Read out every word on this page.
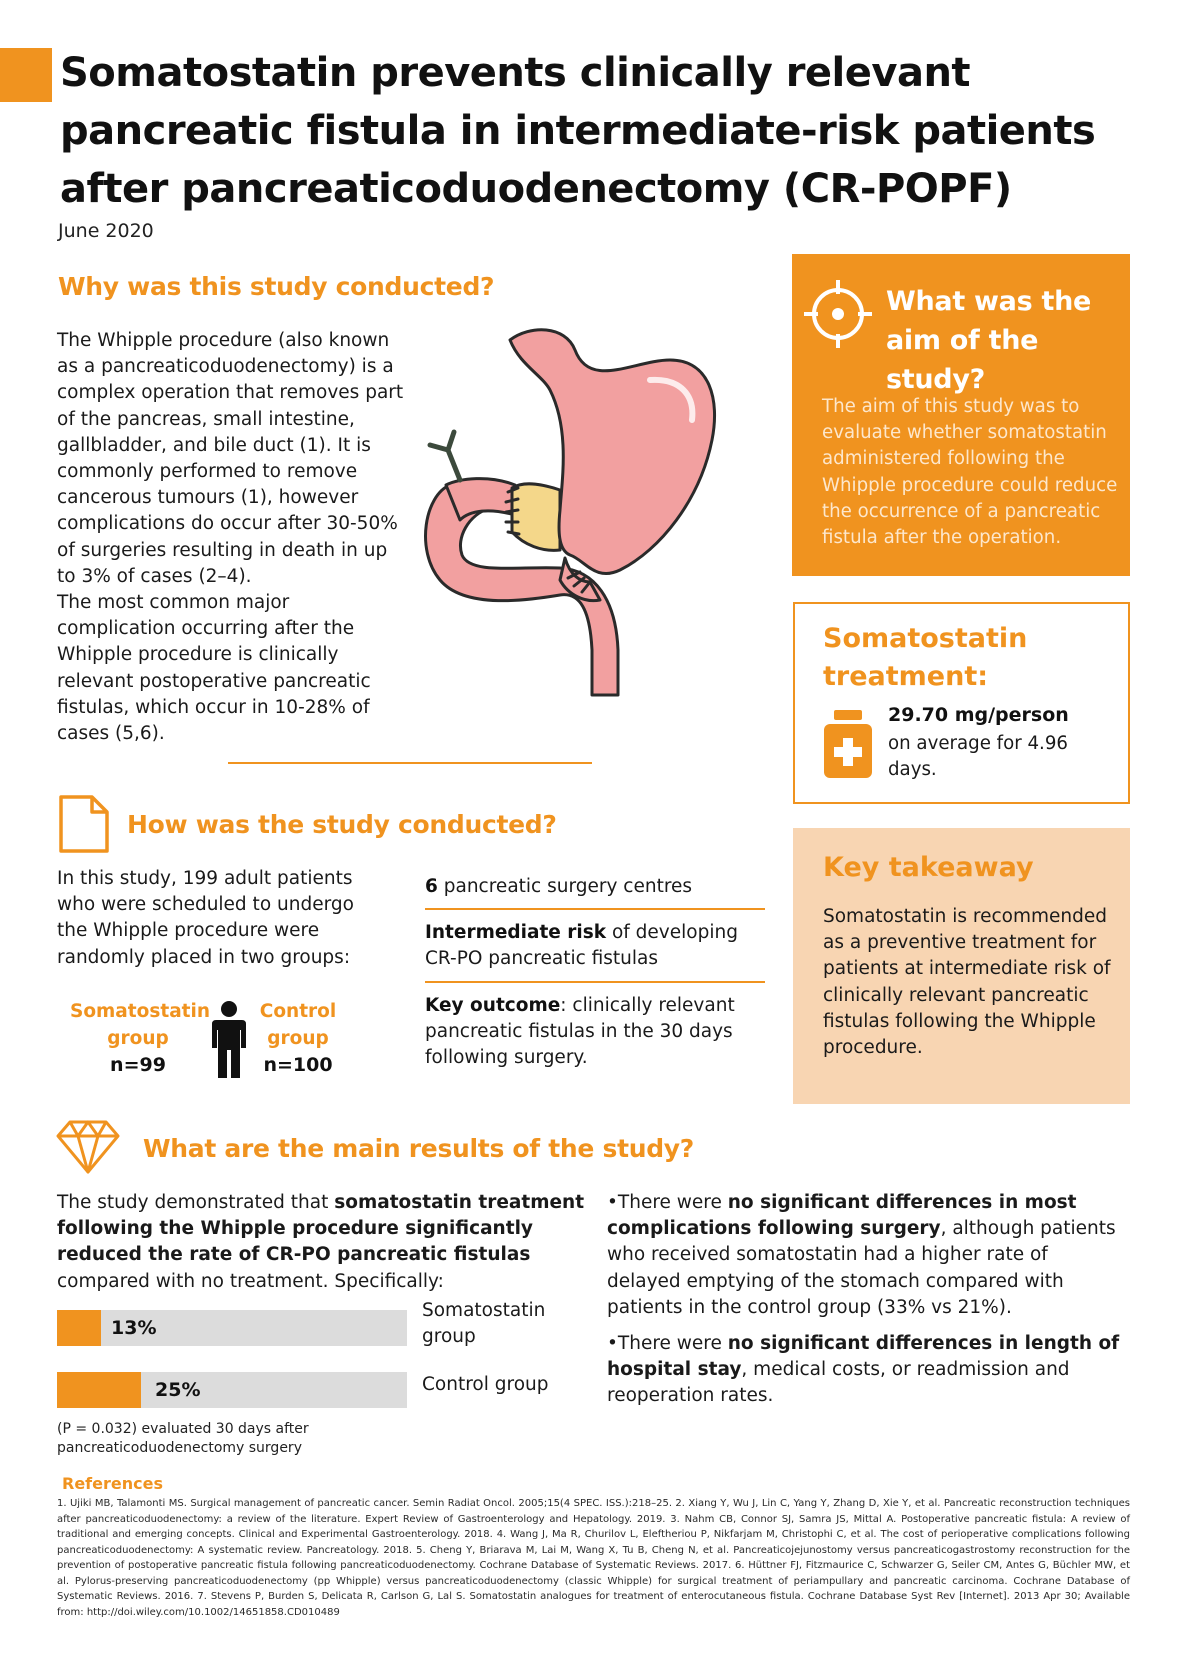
Somatostatin prevents clinically relevant pancreatic fistula in intermediate-risk patients after pancreaticoduodenectomy (CR-POPF)
June 2020
Why was this study conducted?

The Whipple procedure (also known as a pancreaticoduodenectomy) is a complex operation that removes part of the pancreas, small intestine, gallbladder, and bile duct (1). It is commonly performed to remove cancerous tumours (1), however complications do occur after 30-50% of surgeries resulting in death in up to 3% of cases (2–4).

The most common major complication occurring after the Whipple procedure is clinically relevant postoperative pancreatic fistulas, which occur in 10-28% of cases (5,6).

What was the aim of the study?

The aim of this study was to evaluate whether somatostatin administered following the Whipple procedure could reduce the occurrence of a pancreatic fistula after the operation.

Somatostatin treatment:
29.70 mg/person
on average for 4.96 days.
Key takeaway

Somatostatin is recommended as a preventive treatment for patients at intermediate risk of clinically relevant pancreatic fistulas following the Whipple procedure.

How was the study conducted?

In this study, 199 adult patients who were scheduled to undergo the Whipple procedure were randomly placed in two groups:

Somatostatin group
n=99
Control group
n=100
6 pancreatic surgery centres
Intermediate risk of developing CR-PO pancreatic fistulas
Key outcome: clinically relevant pancreatic fistulas in the 30 days following surgery.
What are the main results of the study?

The study demonstrated that somatostatin treatment following the Whipple procedure significantly reduced the rate of CR-PO pancreatic fistulas compared with no treatment. Specifically:

13%
Somatostatin group
25%	Control group

(P = 0.032) evaluated 30 days after pancreaticoduodenectomy surgery

•There were no significant differences in most complications following surgery, although patients who received somatostatin had a higher rate of delayed emptying of the stomach compared with patients in the control group (33% vs 21%).

•There were no significant differences in length of hospital stay, medical costs, or readmission and reoperation rates.

References

1. Ujiki MB, Talamonti MS. Surgical management of pancreatic cancer. Semin Radiat Oncol. 2005;15(4 SPEC. ISS.):218–25. 2. Xiang Y, Wu J, Lin C, Yang Y, Zhang D, Xie Y, et al. Pancreatic reconstruction techniques after pancreaticoduodenectomy: a review of the literature. Expert Review of Gastroenterology and Hepatology. 2019. 3. Nahm CB, Connor SJ, Samra JS, Mittal A. Postoperative pancreatic fistula: A review of traditional and emerging concepts. Clinical and Experimental Gastroenterology. 2018. 4. Wang J, Ma R, Churilov L, Eleftheriou P, Nikfarjam M, Christophi C, et al. The cost of perioperative complications following pancreaticoduodenectomy: A systematic review. Pancreatology. 2018. 5. Cheng Y, Briarava M, Lai M, Wang X, Tu B, Cheng N, et al. Pancreaticojejunostomy versus pancreaticogastrostomy reconstruction for the prevention of postoperative pancreatic fistula following pancreaticoduodenectomy. Cochrane Database of Systematic Reviews. 2017. 6. Hüttner FJ, Fitzmaurice C, Schwarzer G, Seiler CM, Antes G, Büchler MW, et al. Pylorus-preserving pancreaticoduodenectomy (pp Whipple) versus pancreaticoduodenectomy (classic Whipple) for surgical treatment of periampullary and pancreatic carcinoma. Cochrane Database of Systematic Reviews. 2016. 7. Stevens P, Burden S, Delicata R, Carlson G, Lal S. Somatostatin analogues for treatment of enterocutaneous fistula. Cochrane Database Syst Rev [Internet]. 2013 Apr 30; Available from: http://doi.wiley.com/10.1002/14651858.CD010489
